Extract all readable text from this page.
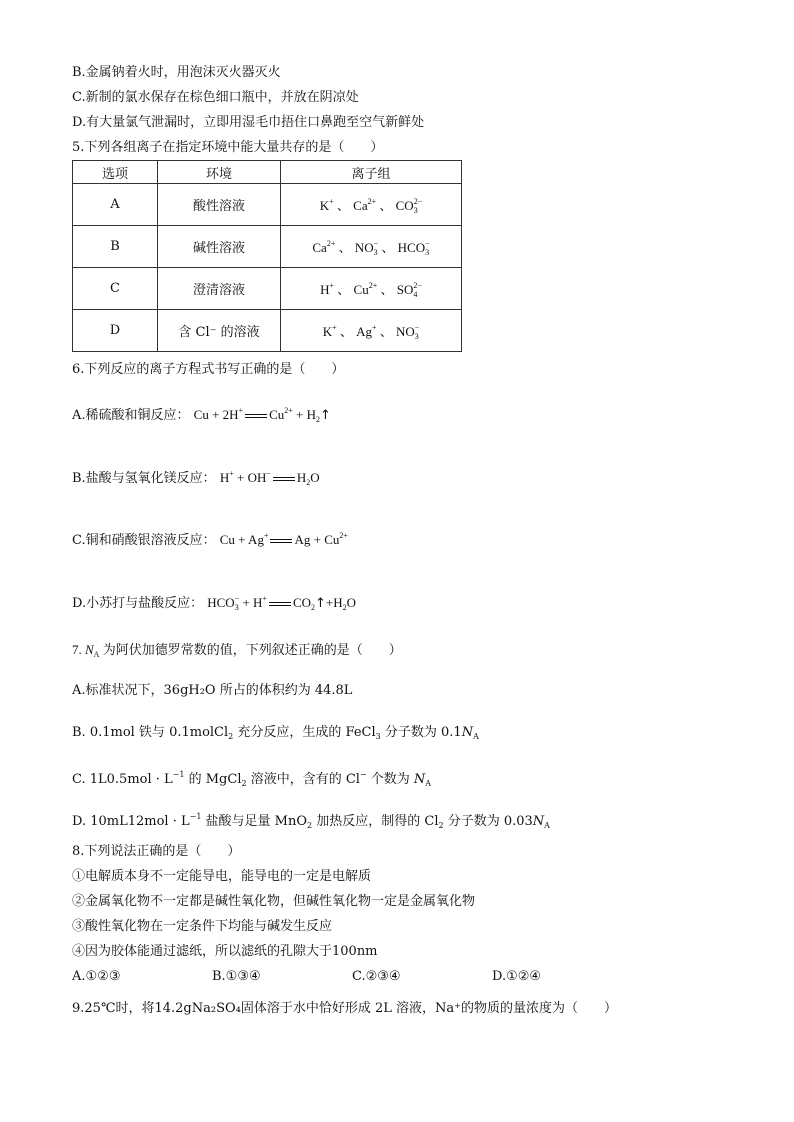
B.金属钠着火时，用泡沫灭火器灭火
C.新制的氯水保存在棕色细口瓶中，并放在阴凉处
D.有大量氯气泄漏时，立即用湿毛巾捂住口鼻跑至空气新鲜处
5.下列各组离子在指定环境中能大量共存的是（　　）
选项	环境	离子组
A	酸性溶液	K+ 、 $Ca^{2+}$ 、 $CO_3^{2-}$
B	碱性溶液	$Ca^{2+}$ 、 $NO_3^-$ 、 $HCO_3^-$
C	澄清溶液	H+ 、 $Cu^{2+}$ 、 $SO_4^{2-}$
D	含 Cl⁻ 的溶液	K+ 、 Ag+ 、 $NO_3^-$
6.下列反应的离子方程式书写正确的是（　　）
A.稀硫酸和铜反应： Cu + 2H+ $Cu^{2+}$ + $H_2↑$
B.盐酸与氢氧化镁反应： H+ + OH− $H_2O$
C.铜和硝酸银溶液反应： Cu + Ag+ $Ag + Cu^{2+}$
D.小苏打与盐酸反应： $HCO_3^- + H^+$ $CO_2↑+H_2O$
7. $N_A$ 为阿伏加德罗常数的值，下列叙述正确的是（　　）
A.标准状况下，36gH₂O 所占的体积约为 44.8L
B. 0.1mol 铁与 0.1molCl$_2$ 充分反应，生成的 FeCl$_3$ 分子数为 $0.1N_A$
C. $1L0.5mol \cdot L^{-1}$ 的 MgCl$_2$ 溶液中，含有的 Cl− 个数为 $N_A$
D. $10mL12mol \cdot L^{-1}$ 盐酸与足量 MnO$_2$ 加热反应，制得的 $Cl_2$ 分子数为 $0.03N_A$
8.下列说法正确的是（　　）
①电解质本身不一定能导电，能导电的一定是电解质
②金属氧化物不一定都是碱性氧化物，但碱性氧化物一定是金属氧化物
③酸性氧化物在一定条件下均能与碱发生反应
④因为胶体能通过滤纸，所以滤纸的孔隙大于100nm
A.①②③	B.①③④	C.②③④	D.①②④
9.25℃时，将14.2gNa₂SO₄固体溶于水中恰好形成 2L 溶液，Na⁺的物质的量浓度为（　　）
